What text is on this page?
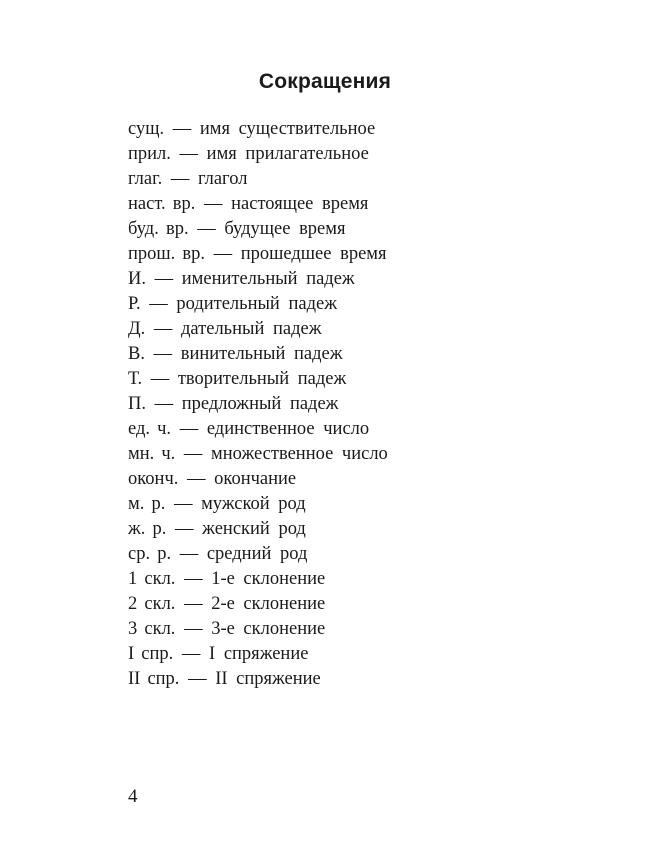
Сокращения
сущ. — имя существительное
прил. — имя прилагательное
глаг. — глагол
наст. вр. — настоящее время
буд. вр. — будущее время
прош. вр. — прошедшее время
И. — именительный падеж
Р. — родительный падеж
Д. — дательный падеж
В. — винительный падеж
Т. — творительный падеж
П. — предложный падеж
ед. ч. — единственное число
мн. ч. — множественное число
оконч. — окончание
м. р. — мужской род
ж. р. — женский род
ср. р. — средний род
1 скл. — 1-е склонение
2 скл. — 2-е склонение
3 скл. — 3-е склонение
I спр. — I спряжение
II спр. — II спряжение
4
